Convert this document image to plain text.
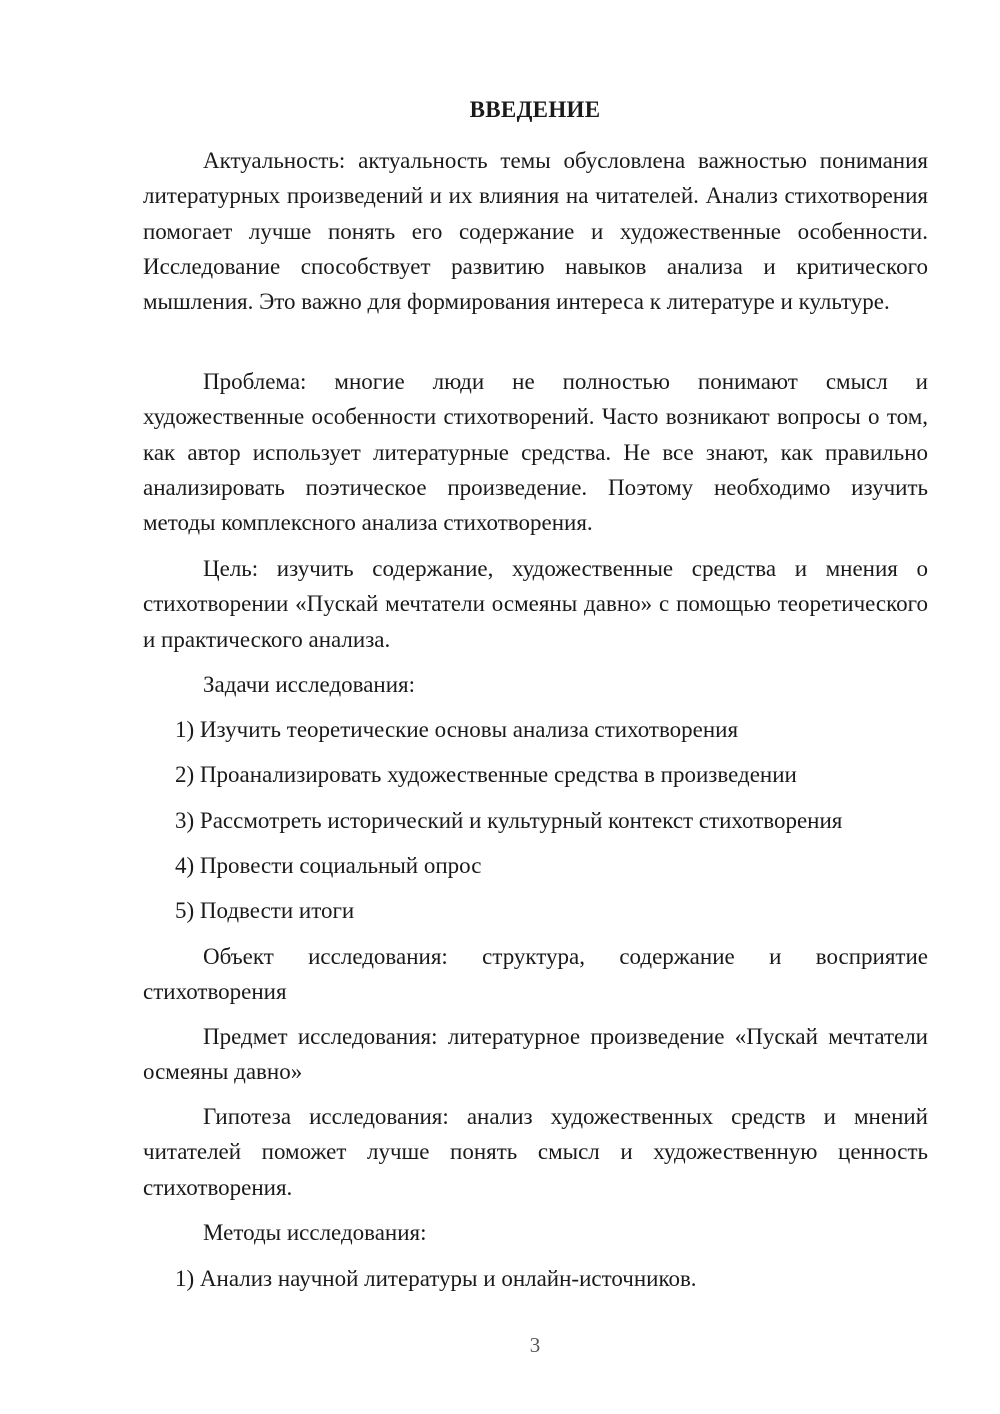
ВВЕДЕНИЕ

Актуальность: актуальность темы обусловлена важностью понимания литературных произведений и их влияния на читателей. Анализ стихотворения помогает лучше понять его содержание и художественные особенности. Исследование способствует развитию навыков анализа и критического мышления. Это важно для формирования интереса к литературе и культуре.

Проблема: многие люди не полностью понимают смысл и художественные особенности стихотворений. Часто возникают вопросы о том, как автор использует литературные средства. Не все знают, как правильно анализировать поэтическое произведение. Поэтому необходимо изучить методы комплексного анализа стихотворения.

Цель: изучить содержание, художественные средства и мнения о стихотворении «Пускай мечтатели осмеяны давно» с помощью теоретического и практического анализа.

Задачи исследования:

1) Изучить теоретические основы анализа стихотворения

2) Проанализировать художественные средства в произведении

3) Рассмотреть исторический и культурный контекст стихотворения

4) Провести социальный опрос

5) Подвести итоги

Объект исследования: структура, содержание и восприятие стихотворения

Предмет исследования: литературное произведение «Пускай мечтатели осмеяны давно»

Гипотеза исследования: анализ художественных средств и мнений читателей поможет лучше понять смысл и художественную ценность стихотворения.

Методы исследования:

1) Анализ научной литературы и онлайн-источников.

3
